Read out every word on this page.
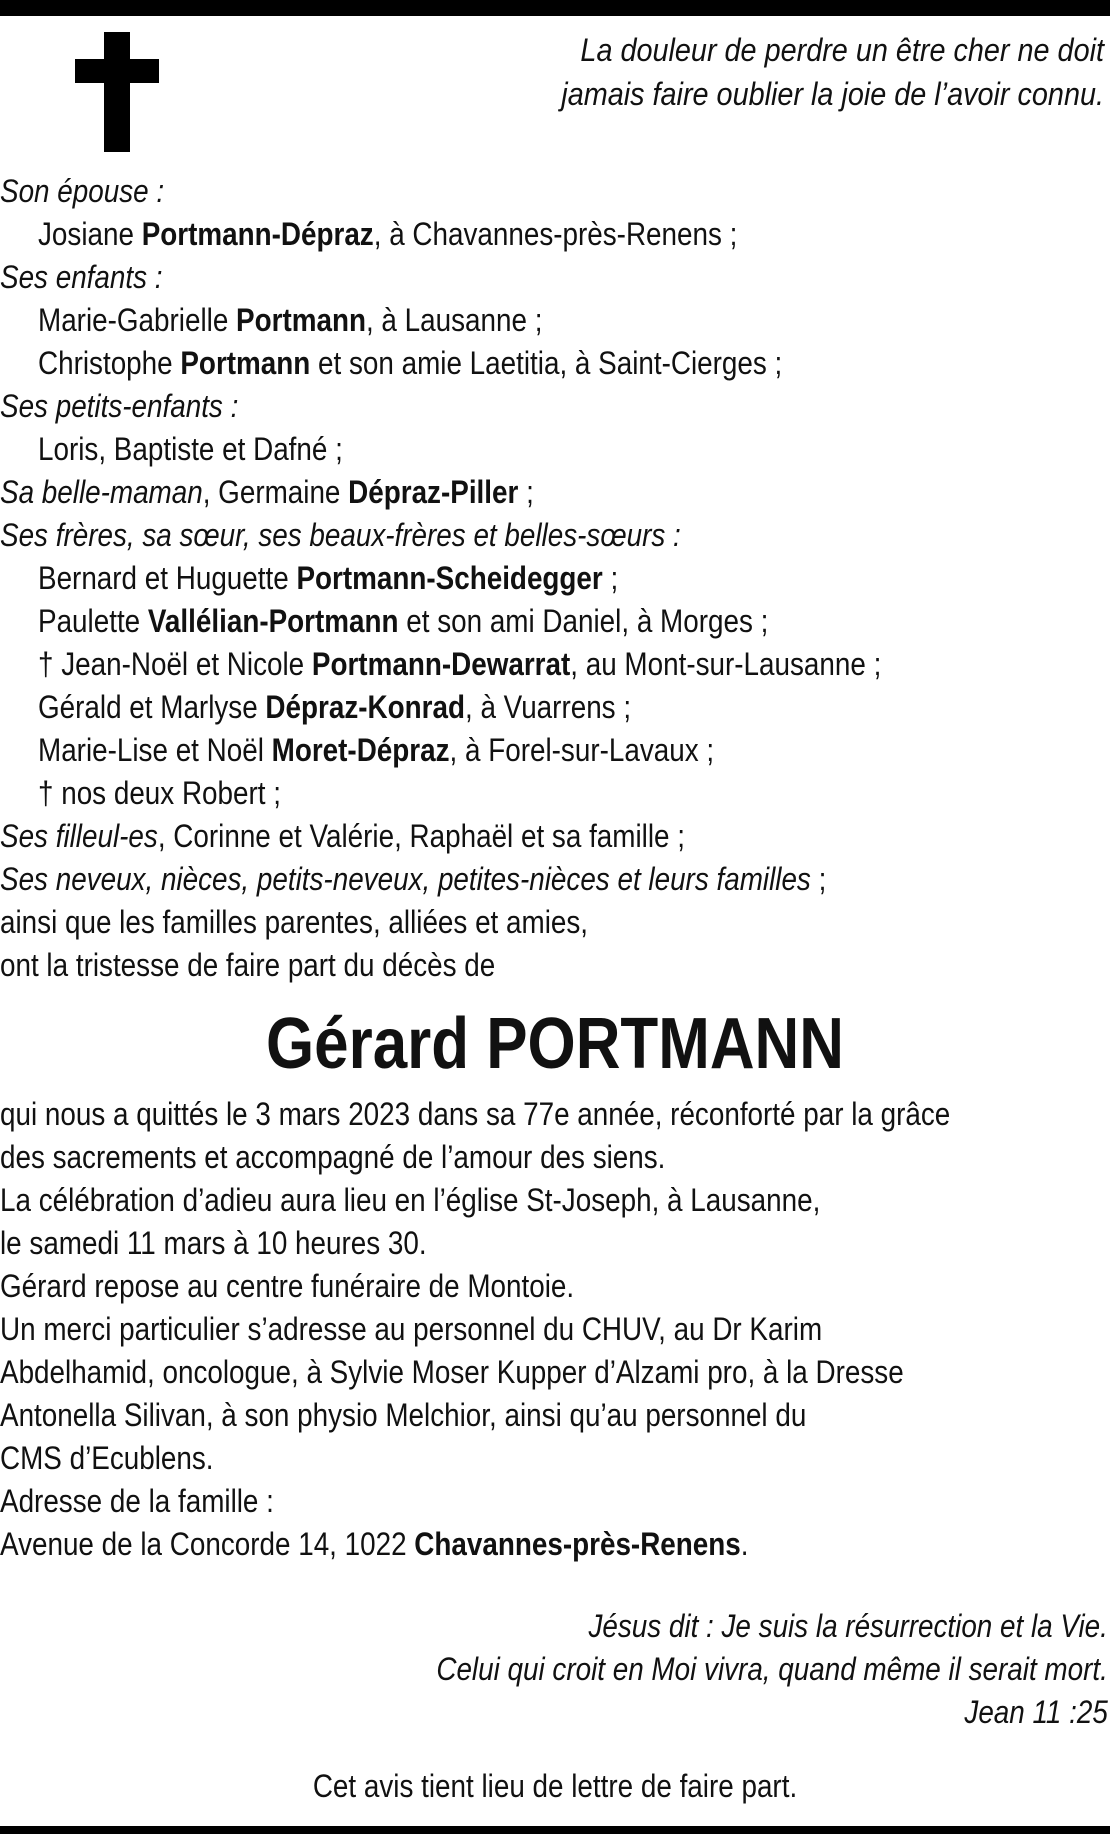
La douleur de perdre un être cher ne doit
jamais faire oublier la joie de l’avoir connu.
Son épouse :
Josiane Portmann-Dépraz, à Chavannes-près-Renens ;
Ses enfants :
Marie-Gabrielle Portmann, à Lausanne ;
Christophe Portmann et son amie Laetitia, à Saint-Cierges ;
Ses petits-enfants :
Loris, Baptiste et Dafné ;
Sa belle-maman, Germaine Dépraz-Piller ;
Ses frères, sa sœur, ses beaux-frères et belles-sœurs :
Bernard et Huguette Portmann-Scheidegger ;
Paulette Vallélian-Portmann et son ami Daniel, à Morges ;
† Jean-Noël et Nicole Portmann-Dewarrat, au Mont-sur-Lausanne ;
Gérald et Marlyse Dépraz-Konrad, à Vuarrens ;
Marie-Lise et Noël Moret-Dépraz, à Forel-sur-Lavaux ;
† nos deux Robert ;
Ses filleul-es, Corinne et Valérie, Raphaël et sa famille ;
Ses neveux, nièces, petits-neveux, petites-nièces et leurs familles ;
ainsi que les familles parentes, alliées et amies,
ont la tristesse de faire part du décès de
Gérard PORTMANN
qui nous a quittés le 3 mars 2023 dans sa 77e année, réconforté par la grâce
des sacrements et accompagné de l’amour des siens.
La célébration d’adieu aura lieu en l’église St-Joseph, à Lausanne,
le samedi 11 mars à 10 heures 30.
Gérard repose au centre funéraire de Montoie.
Un merci particulier s’adresse au personnel du CHUV, au Dr Karim
Abdelhamid, oncologue, à Sylvie Moser Kupper d’Alzami pro, à la Dresse
Antonella Silivan, à son physio Melchior, ainsi qu’au personnel du
CMS d’Ecublens.
Adresse de la famille :
Avenue de la Concorde 14, 1022 Chavannes-près-Renens.
Jésus dit : Je suis la résurrection et la Vie.
Celui qui croit en Moi vivra, quand même il serait mort.
Jean 11 :25
Cet avis tient lieu de lettre de faire part.
